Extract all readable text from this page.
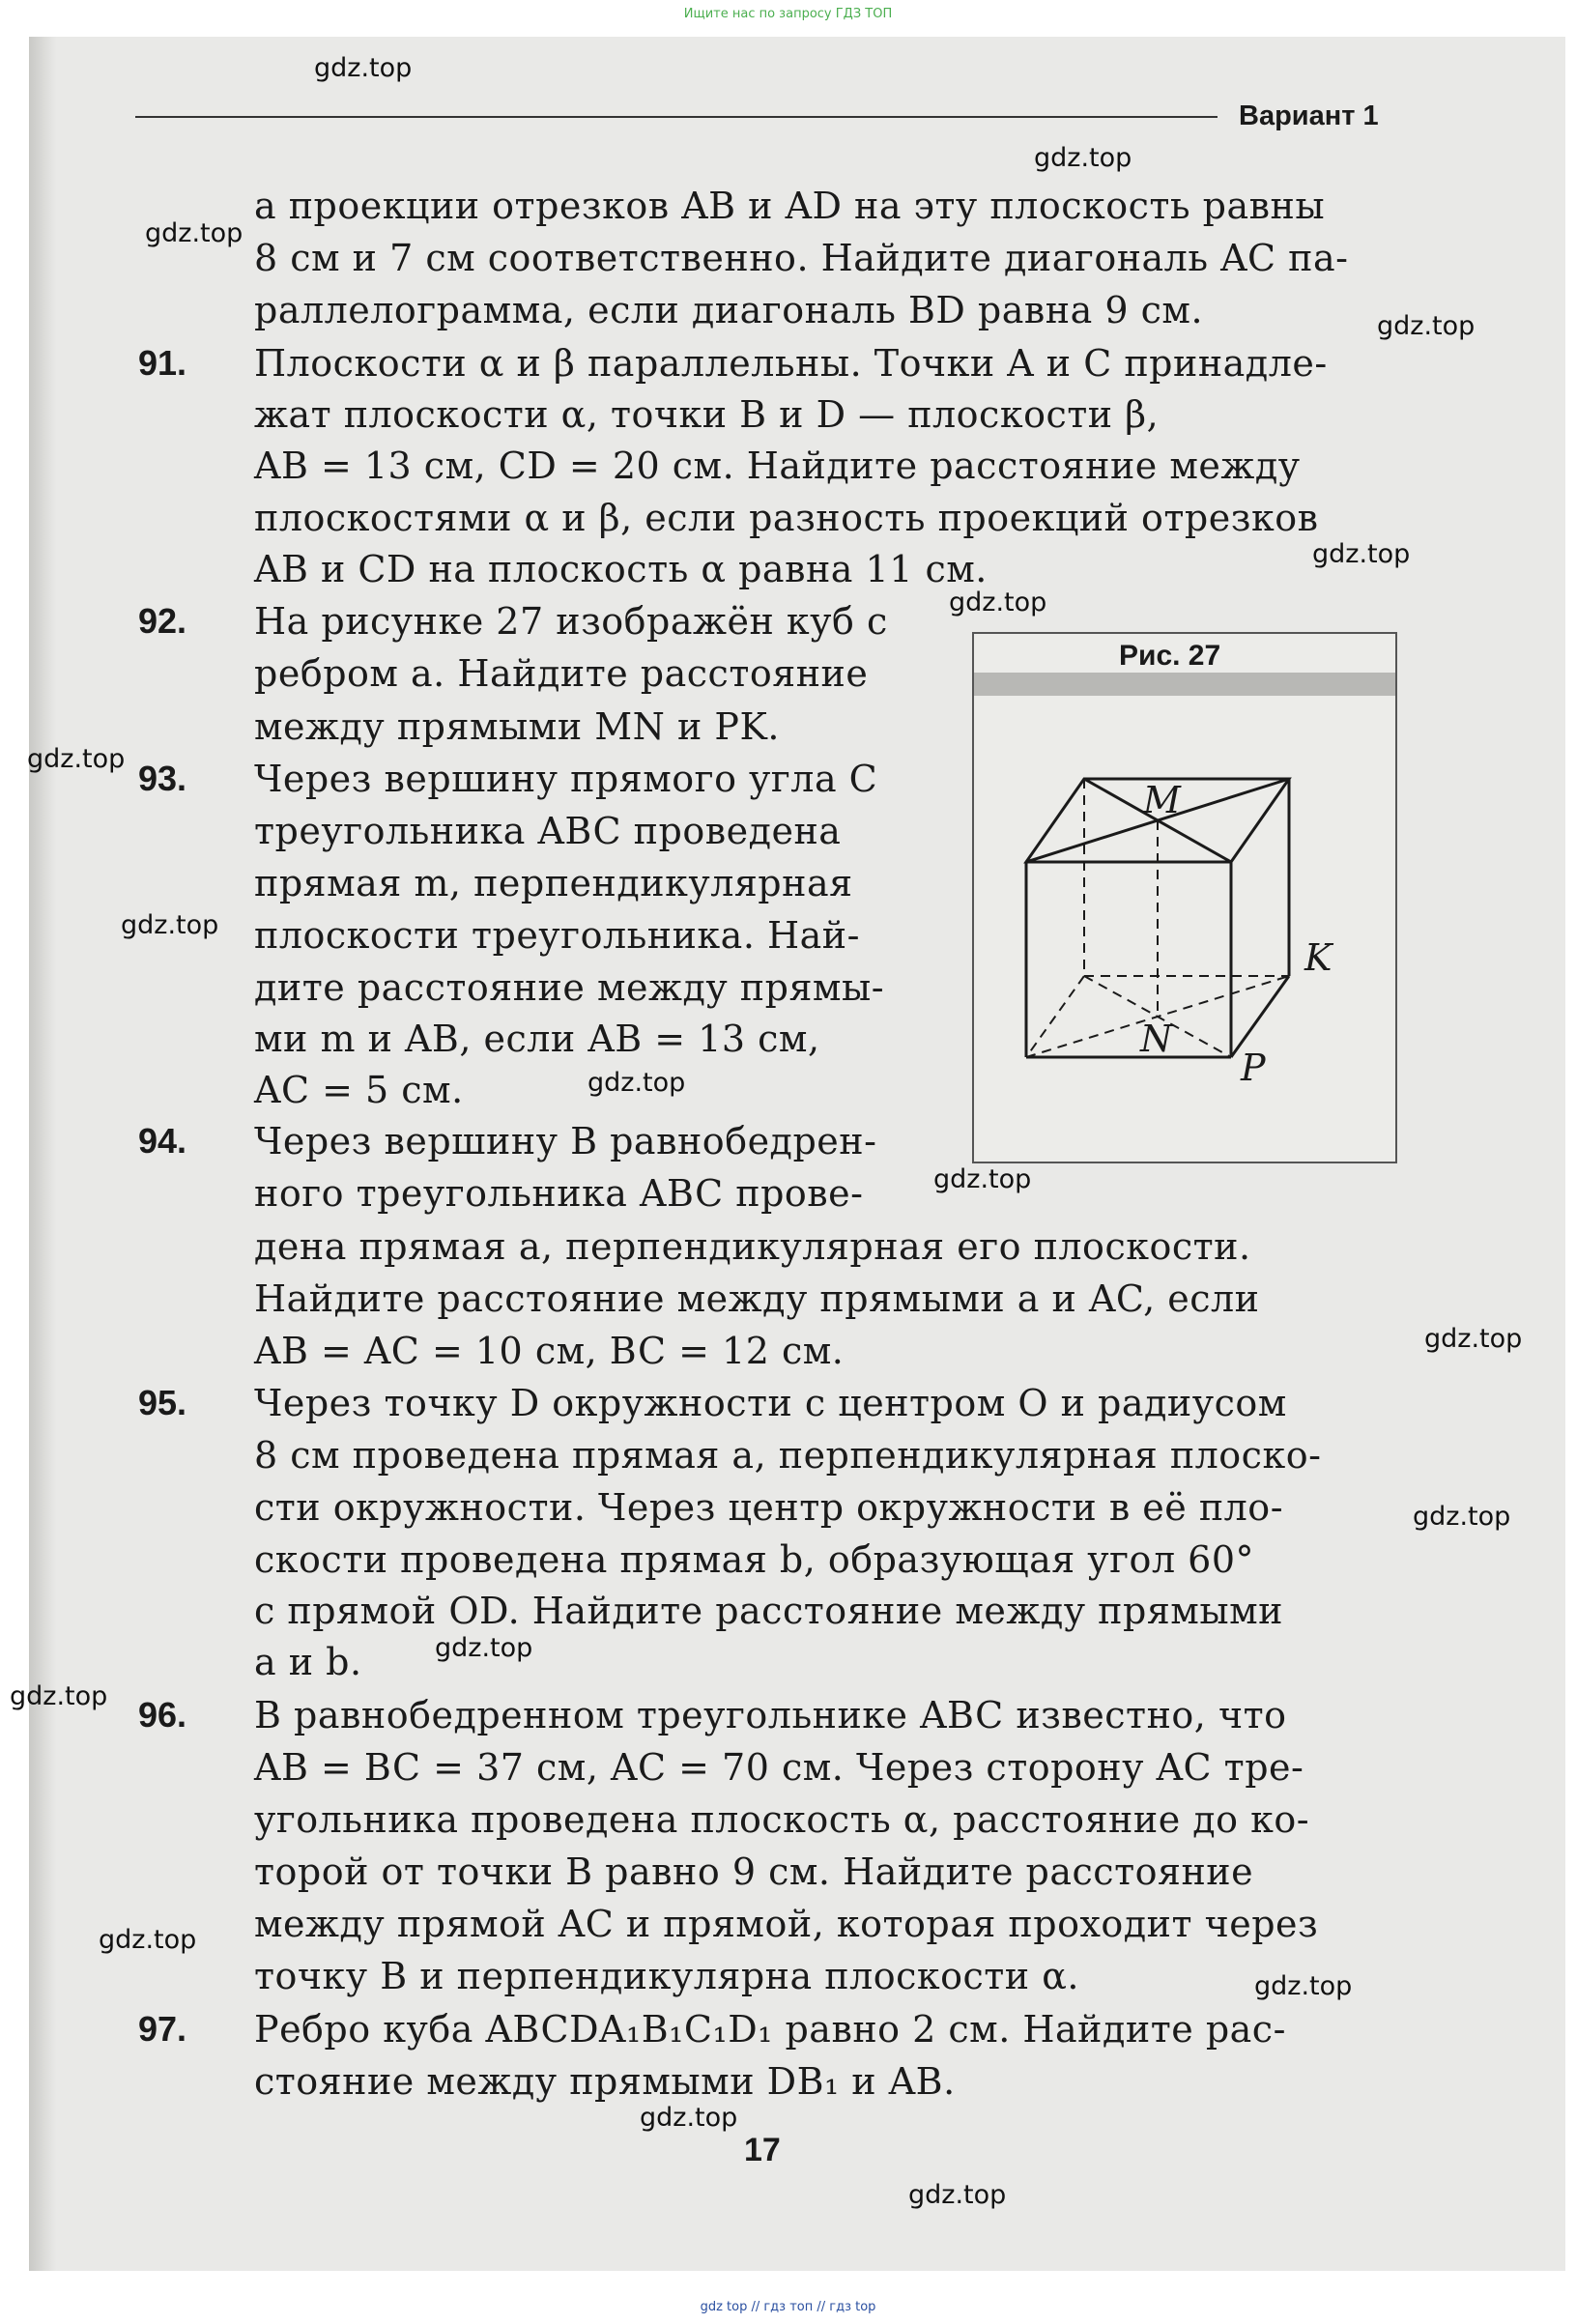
Ищите нас по запросу ГДЗ ТОП
Вариант 1
91.
92.
93.
94.
95.
96.
97.
а проекции отрезков AB и AD на эту плоскость равны
8 см и 7 см соответственно. Найдите диагональ AC па-
раллелограмма, если диагональ BD равна 9 см.
Плоскости α и β параллельны. Точки A и C принадле-
жат плоскости α, точки B и D — плоскости β,
AB = 13 см, CD = 20 см. Найдите расстояние между
плоскостями α и β, если разность проекций отрезков
AB и CD на плоскость α равна 11 см.
На рисунке 27 изображён куб с
ребром a. Найдите расстояние
между прямыми MN и PK.
Через вершину прямого угла C
треугольника ABC проведена
прямая m, перпендикулярная
плоскости треугольника. Най-
дите расстояние между прямы-
ми m и AB, если AB = 13 см,
AC = 5 см.
Через вершину B равнобедрен-
ного треугольника ABC прове-
дена прямая a, перпендикулярная его плоскости.
Найдите расстояние между прямыми a и AC, если
AB = AC = 10 см, BC = 12 см.
Через точку D окружности с центром O и радиусом
8 см проведена прямая a, перпендикулярная плоско-
сти окружности. Через центр окружности в её пло-
скости проведена прямая b, образующая угол 60°
с прямой OD. Найдите расстояние между прямыми
a и b.
В равнобедренном треугольнике ABC известно, что
AB = BC = 37 см, AC = 70 см. Через сторону AC тре-
угольника проведена плоскость α, расстояние до ко-
торой от точки B равно 9 см. Найдите расстояние
между прямой AC и прямой, которая проходит через
точку B и перпендикулярна плоскости α.
Ребро куба ABCDA₁B₁C₁D₁ равно 2 см. Найдите рас-
стояние между прямыми DB₁ и AB.
Рис. 27
M
K
N
P
17
gdz.top
gdz.top
gdz.top
gdz.top
gdz.top
gdz.top
gdz.top
gdz.top
gdz.top
gdz.top
gdz.top
gdz.top
gdz.top
gdz.top
gdz.top
gdz.top
gdz.top
gdz.top
gdz top // гдз топ // гдз top
